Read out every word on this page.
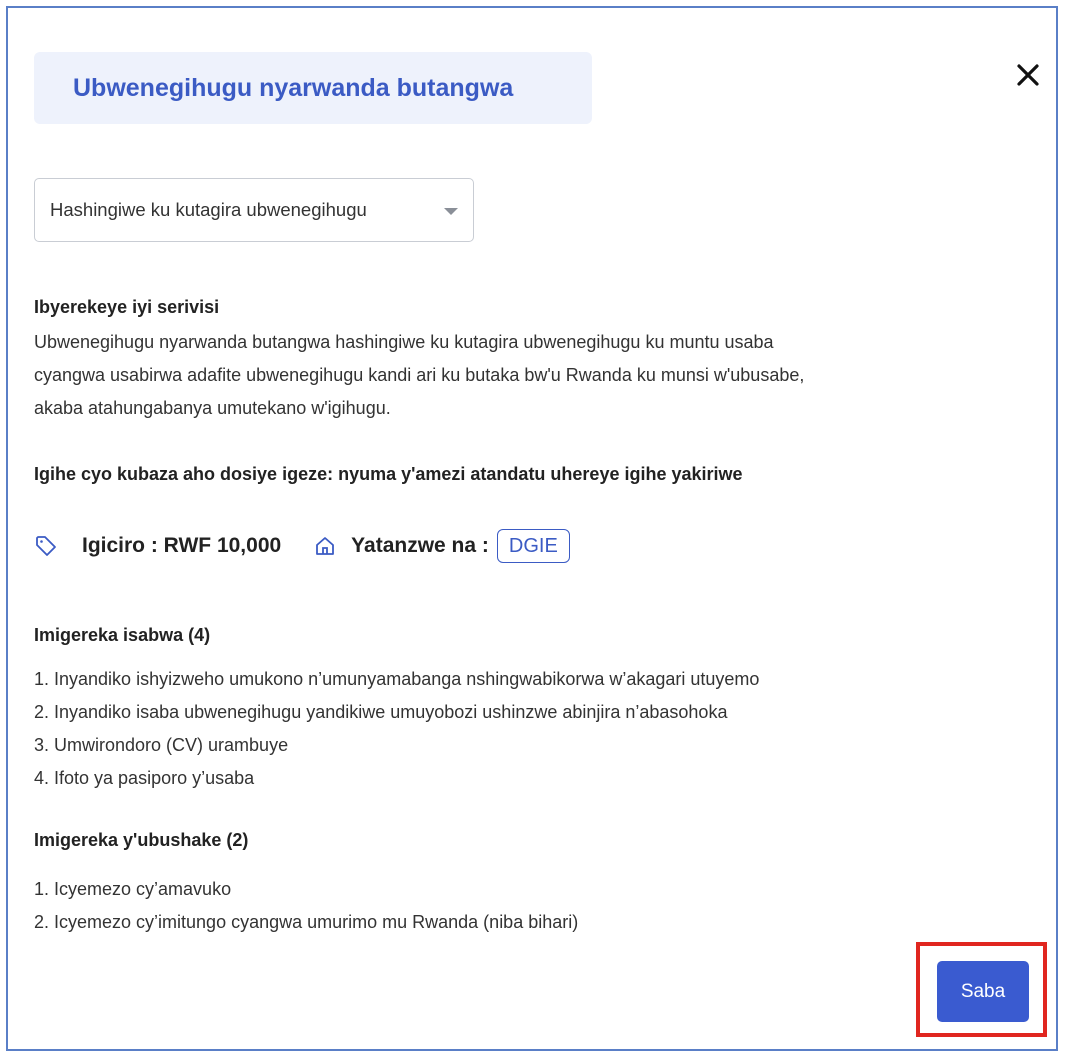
Ubwenegihugu nyarwanda butangwa
Hashingiwe ku kutagira ubwenegihugu
Ibyerekeye iyi serivisi
Ubwenegihugu nyarwanda butangwa hashingiwe ku kutagira ubwenegihugu ku muntu usaba
cyangwa usabirwa adafite ubwenegihugu kandi ari ku butaka bw'u Rwanda ku munsi w'ubusabe,
akaba atahungabanya umutekano w'igihugu.
Igihe cyo kubaza aho dosiye igeze: nyuma y'amezi atandatu uhereye igihe yakiriwe
Igiciro : RWF 10,000	Yatanzwe na :	DGIE
Imigereka isabwa (4)
1. Inyandiko ishyizweho umukono n’umunyamabanga nshingwabikorwa w’akagari utuyemo
2. Inyandiko isaba ubwenegihugu yandikiwe umuyobozi ushinzwe abinjira n’abasohoka
3. Umwirondoro (CV) urambuye
4. Ifoto ya pasiporo y’usaba
Imigereka y'ubushake (2)
1. Icyemezo cy’amavuko
2. Icyemezo cy’imitungo cyangwa umurimo mu Rwanda (niba bihari)
Saba
